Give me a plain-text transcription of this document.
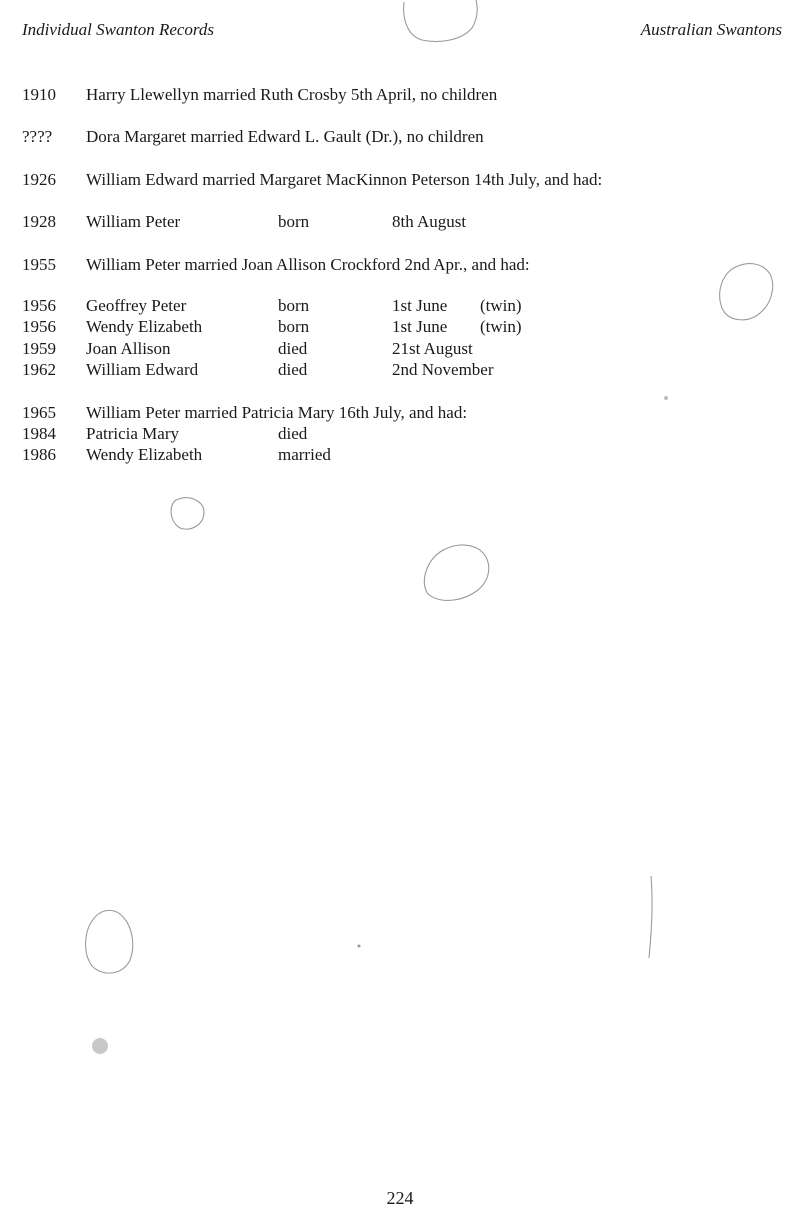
Individual Swanton Records	Australian Swantons
1910 Harry Llewellyn married Ruth Crosby 5th April, no children
???? Dora Margaret married Edward L. Gault (Dr.), no children
1926 William Edward married Margaret MacKinnon Peterson 14th July, and had:
1928 William Peter	born	8th August
1955 William Peter married Joan Allison Crockford 2nd Apr., and had:
1956 Geoffrey Peter	born	1st June (twin)
1956 Wendy Elizabeth	born	1st June (twin)
1959 Joan Allison	died	21st August
1962 William Edward	died	2nd November
1965 William Peter married Patricia Mary 16th July, and had:
1984 Patricia Mary	died
1986 Wendy Elizabeth	married
224
